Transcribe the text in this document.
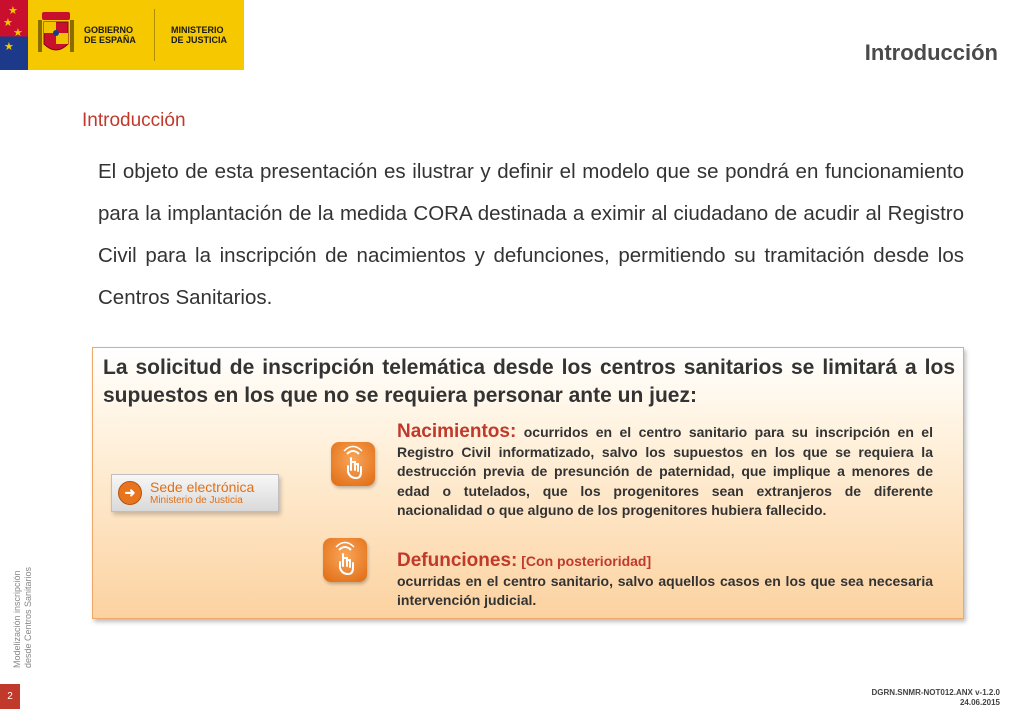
★
★
★
★
GOBIERNO
DE ESPAÑA
MINISTERIO
DE JUSTICIA	Introducción
Introducción
El objeto de esta presentación es ilustrar y definir el modelo que se pondrá en funcionamiento para la implantación de la medida CORA destinada a eximir al ciudadano de acudir al Registro Civil para la inscripción de nacimientos y defunciones, permitiendo su tramitación desde los Centros Sanitarios.
La solicitud de inscripción telemática desde los centros sanitarios se limitará a los supuestos en los que no se requiera personar ante un juez:
➜	Sede electrónica
Ministerio de Justicia
Nacimientos: ocurridos en el centro sanitario para su inscripción en el Registro Civil informatizado, salvo los supuestos en los que se requiera la destrucción previa de presunción de paternidad, que implique a menores de edad o tutelados, que los progenitores sean extranjeros de diferente nacionalidad o que alguno de los progenitores hubiera fallecido.
Defunciones: [Con posterioridad]
ocurridas en el centro sanitario, salvo aquellos casos en los que sea necesaria intervención judicial.
Modelización inscripción desde Centros Sanitarios
2	DGRN.SNMR-NOT012.ANX v-1.2.0
24.06.2015
